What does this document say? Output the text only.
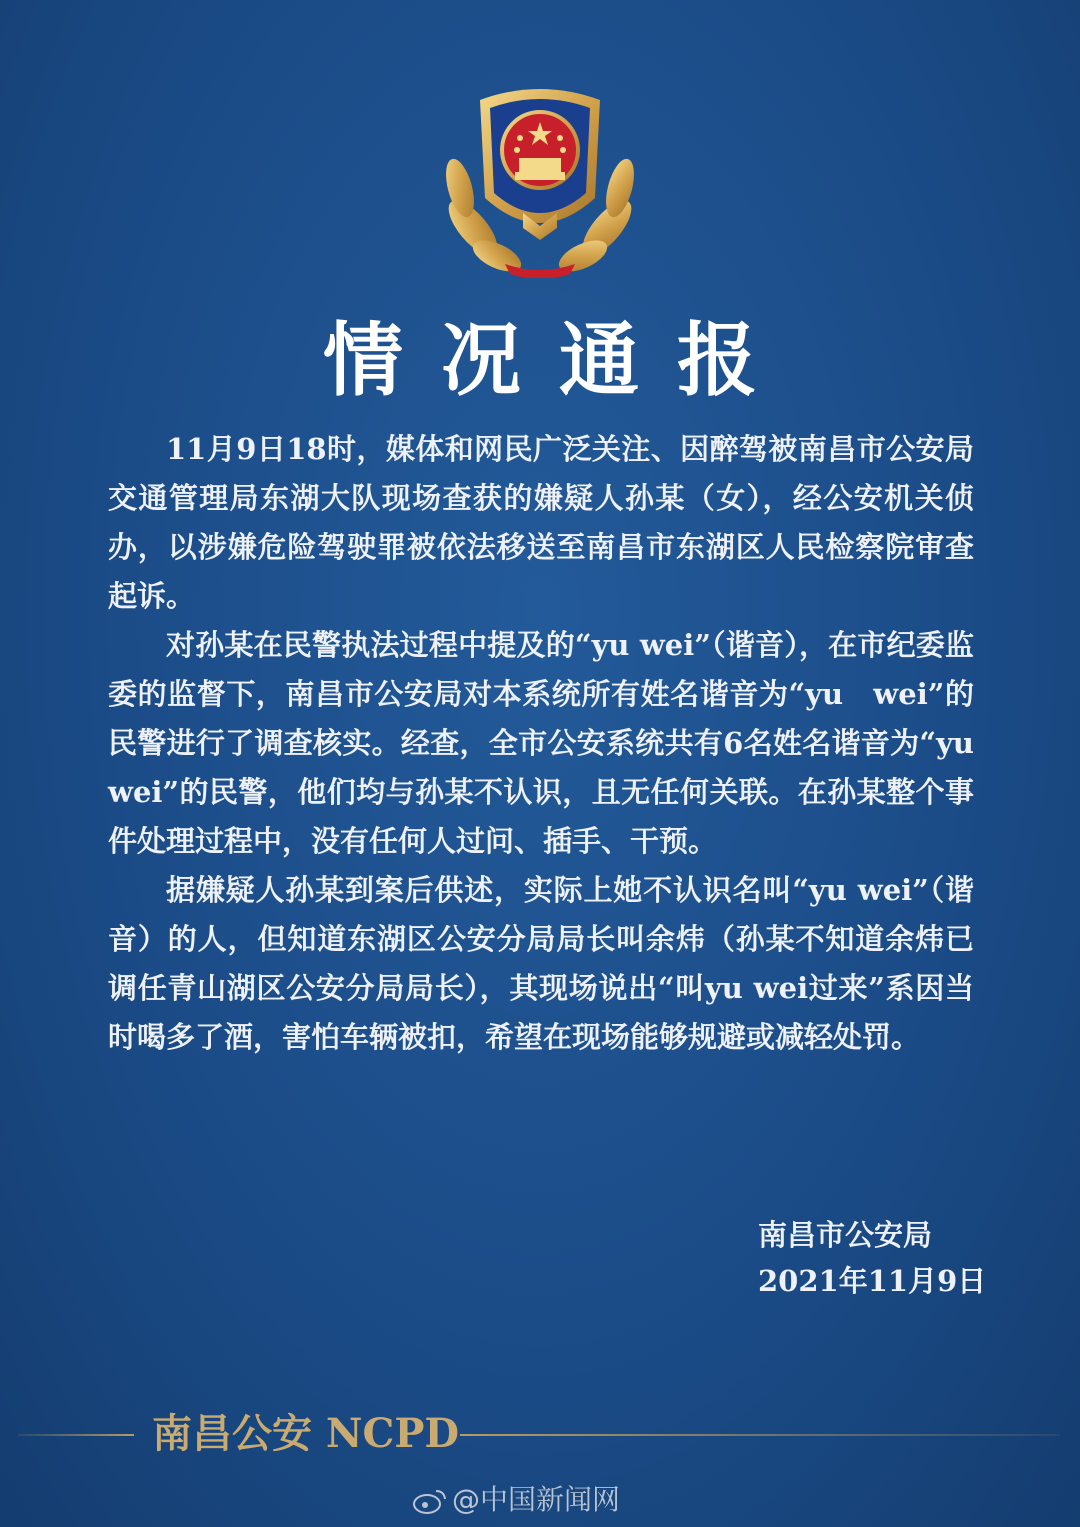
情况通报

11月9日18时，媒体和网民广泛关注、因醉驾被南昌市公安局交通管理局东湖大队现场查获的嫌疑人孙某（女），经公安机关侦办，以涉嫌危险驾驶罪被依法移送至南昌市东湖区人民检察院审查起诉。

对孙某在民警执法过程中提及的“yu wei”（谐音），在市纪委监委的监督下，南昌市公安局对本系统所有姓名谐音为“yu　wei”的民警进行了调查核实。经查，全市公安系统共有6名姓名谐音为“yu wei”的民警，他们均与孙某不认识，且无任何关联。在孙某整个事件处理过程中，没有任何人过问、插手、干预。

据嫌疑人孙某到案后供述，实际上她不认识名叫“yu wei”（谐音）的人，但知道东湖区公安分局局长叫余炜（孙某不知道余炜已调任青山湖区公安分局局长），其现场说出“叫yu wei过来”系因当时喝多了酒，害怕车辆被扣，希望在现场能够规避或减轻处罚。

南昌市公安局
2021年11月9日
南昌公安 NCPD
@中国新闻网
